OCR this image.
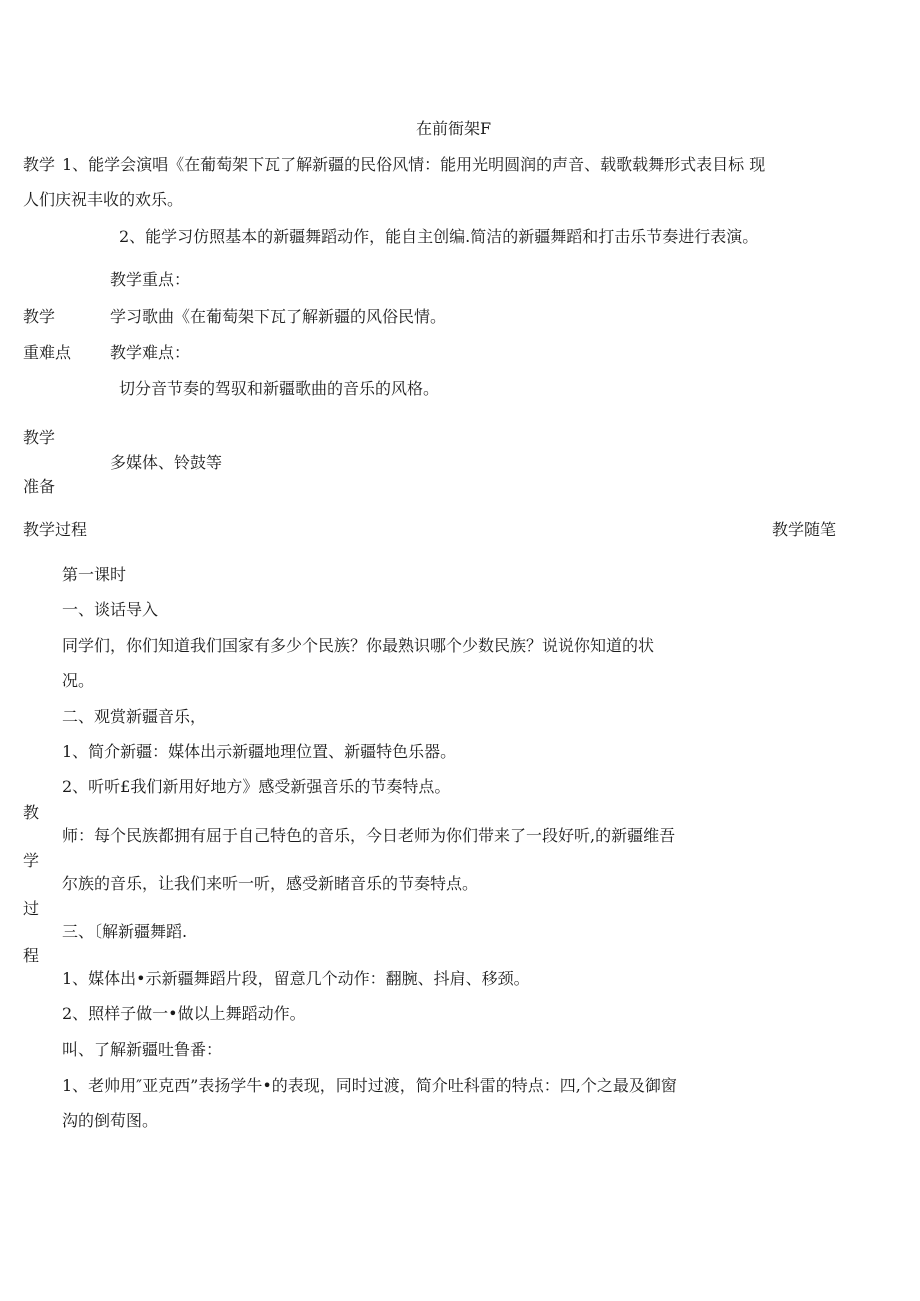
在前衙架F
教学 1、能学会演唱《在葡萄架下瓦了解新疆的民俗风情：能用光明圆润的声音、载歌载舞形式表目标 现
人们庆祝丰收的欢乐。
2、能学习仿照基本的新疆舞蹈动作，能自主创编.简洁的新疆舞蹈和打击乐节奏进行表演。
教学重点：
教学	学习歌曲《在葡萄架下瓦了解新疆的风俗民情。
重难点 教学难点：
切分音节奏的驾驭和新疆歌曲的音乐的风格。
教学
多媒体、铃鼓等
准备
教学过程	教学随笔
教
学
过
程
第一课时
一、谈话导入
同学们，你们知道我们国家有多少个民族？你最熟识哪个少数民族？说说你知道的状
况。
二、观赏新疆音乐，
1、简介新疆：媒体出示新疆地理位置、新疆特色乐器。
2、听听£我们新用好地方》感受新强音乐的节奏特点。
师：每个民族都拥有屈于自己特色的音乐，今日老师为你们带来了一段好听,的新疆维吾
尔族的音乐，让我们来听一听，感受新睹音乐的节奏特点。
三、〔解新疆舞蹈.
1、媒体出•示新疆舞蹈片段，留意几个动作：翻腕、抖肩、移颈。
2、照样子做一•做以上舞蹈动作。
叫、了解新疆吐鲁番：
1、老帅用″亚克西”表扬学牛•的表现，同时过渡，简介吐科雷的特点：四,个之最及御窗
沟的倒荀图。
